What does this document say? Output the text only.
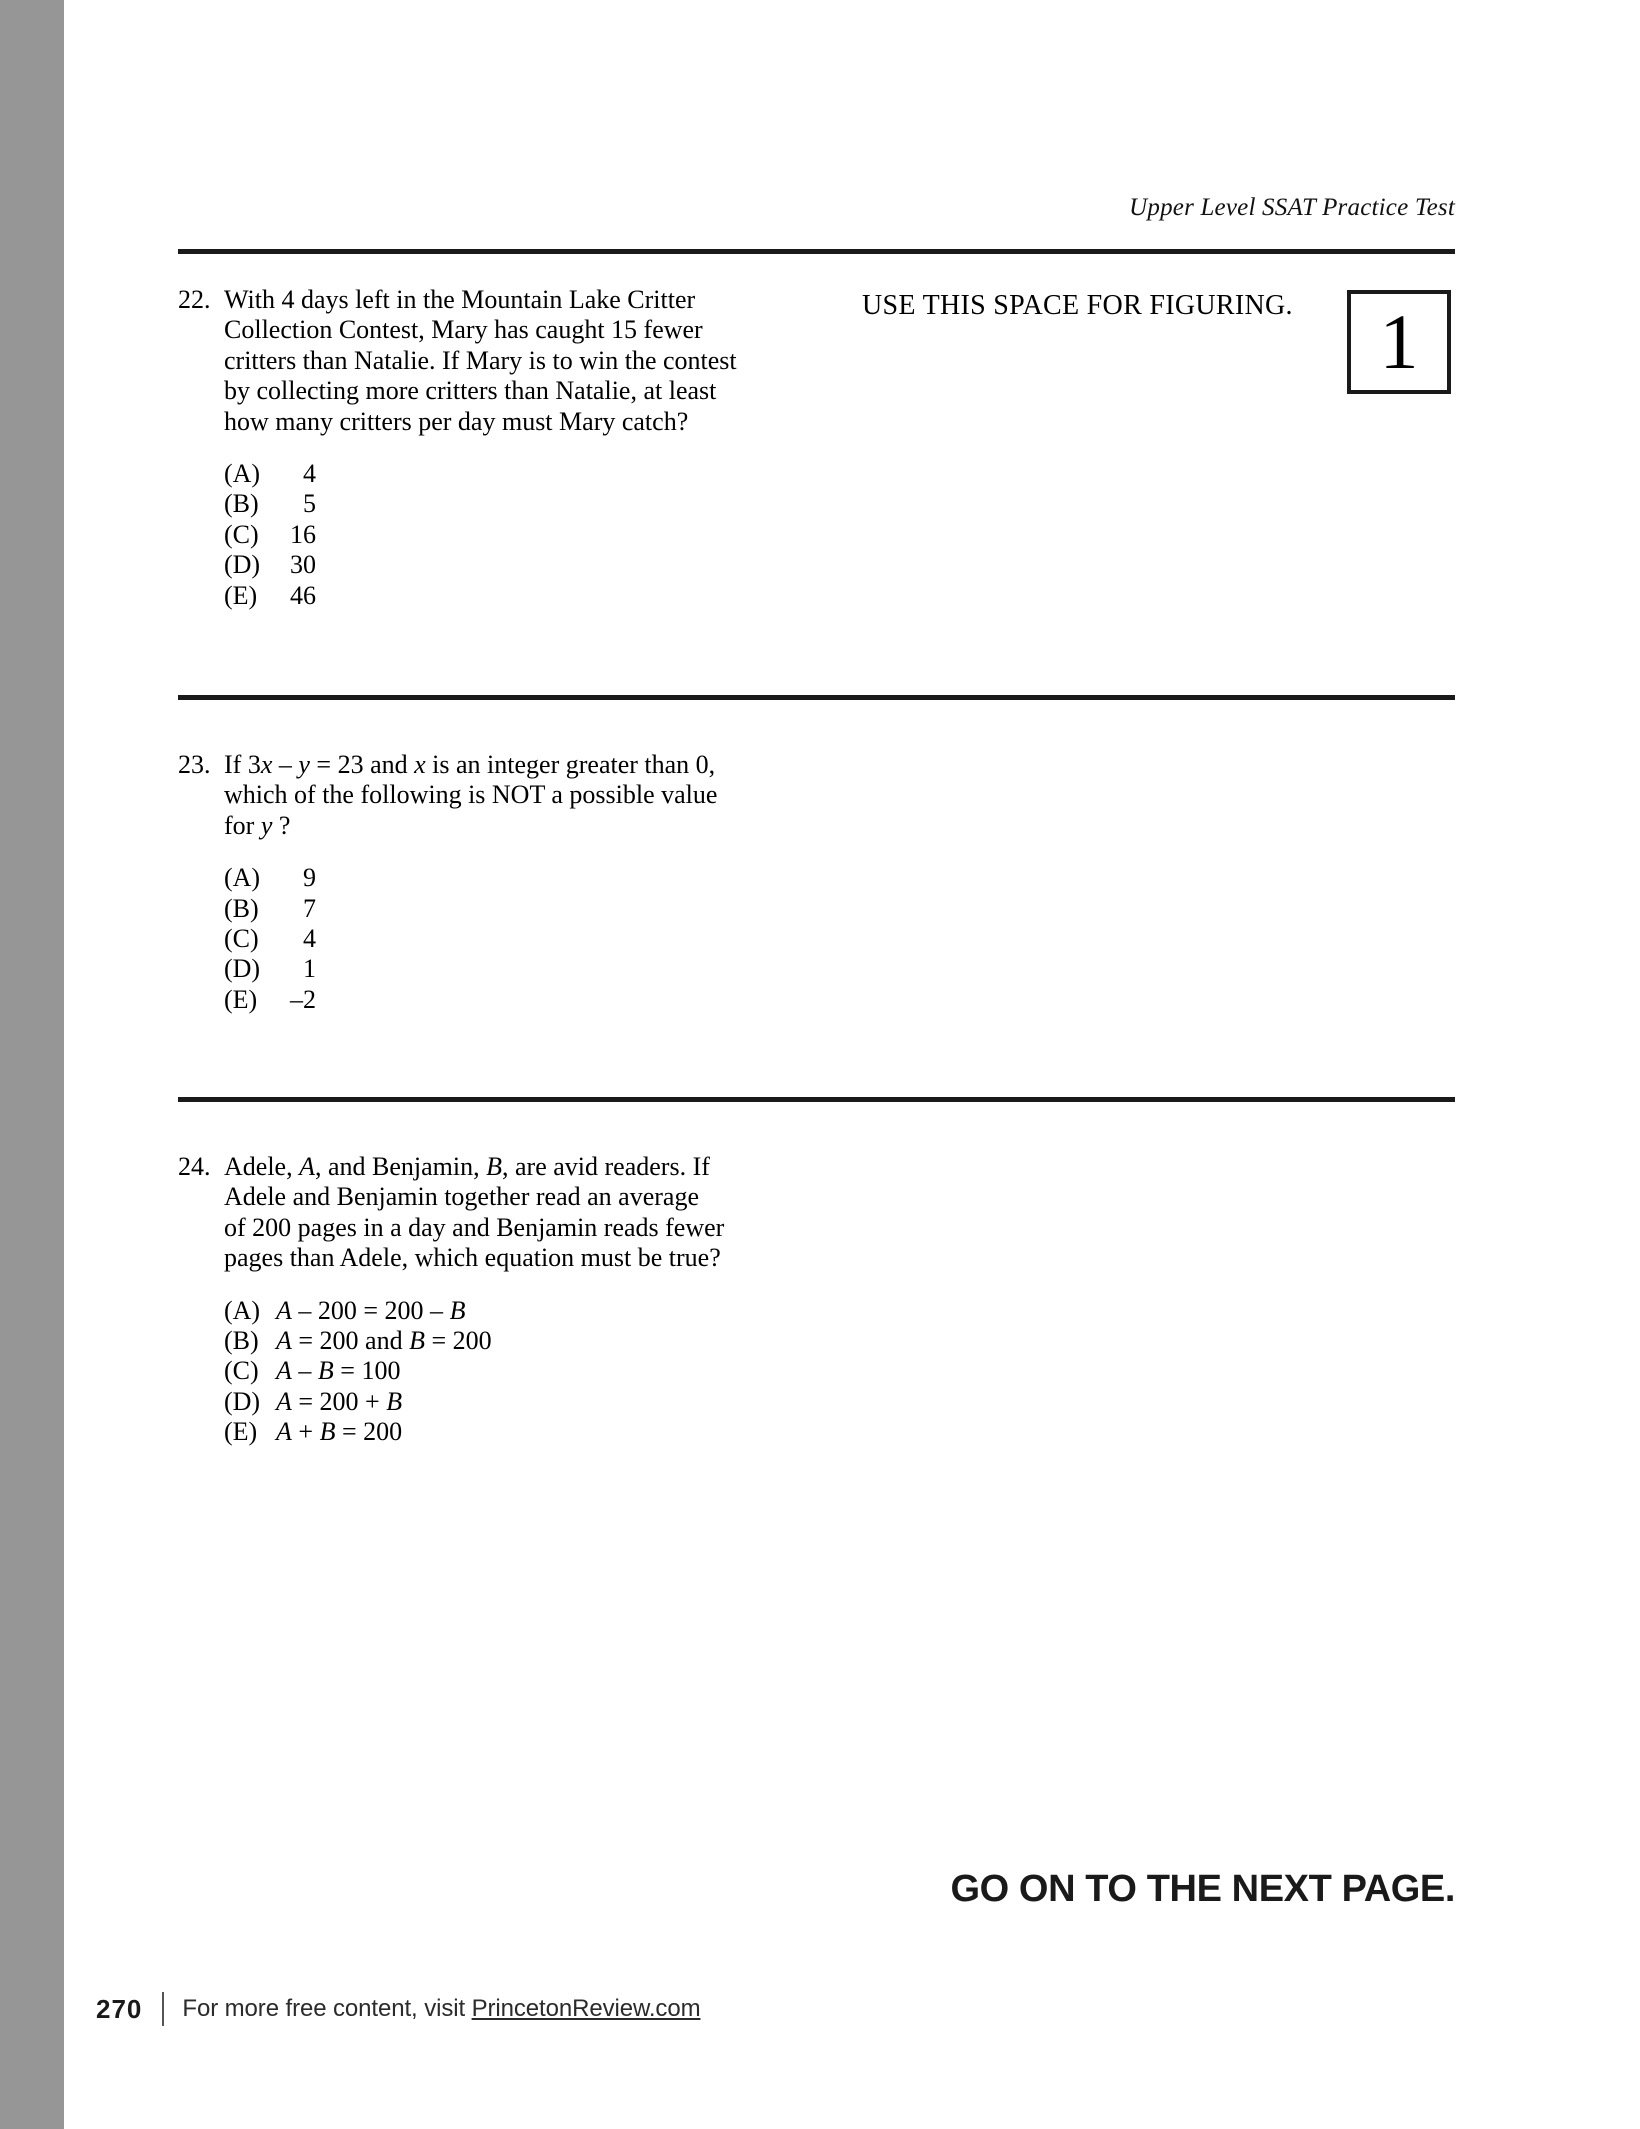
Upper Level SSAT Practice Test
USE THIS SPACE FOR FIGURING.	1
22. With 4 days left in the Mountain Lake Critter
Collection Contest, Mary has caught 15 fewer
critters than Natalie. If Mary is to win the contest
by collecting more critters than Natalie, at least
how many critters per day must Mary catch?
(A)	4
(B)	5
(C)	16
(D)	30
(E)	46
23. If 3x – y = 23 and x is an integer greater than 0,
which of the following is NOT a possible value
for y ?
(A)	9
(B)	7
(C)	4
(D)	1
(E)	–2
24. Adele, A, and Benjamin, B, are avid readers. If
Adele and Benjamin together read an average
of 200 pages in a day and Benjamin reads fewer
pages than Adele, which equation must be true?
(A) A – 200 = 200 – B
(B) A = 200 and B = 200
(C) A – B = 100
(D) A = 200 + B
(E) A + B = 200
GO ON TO THE NEXT PAGE.
270 For more free content, visit PrincetonReview.com
